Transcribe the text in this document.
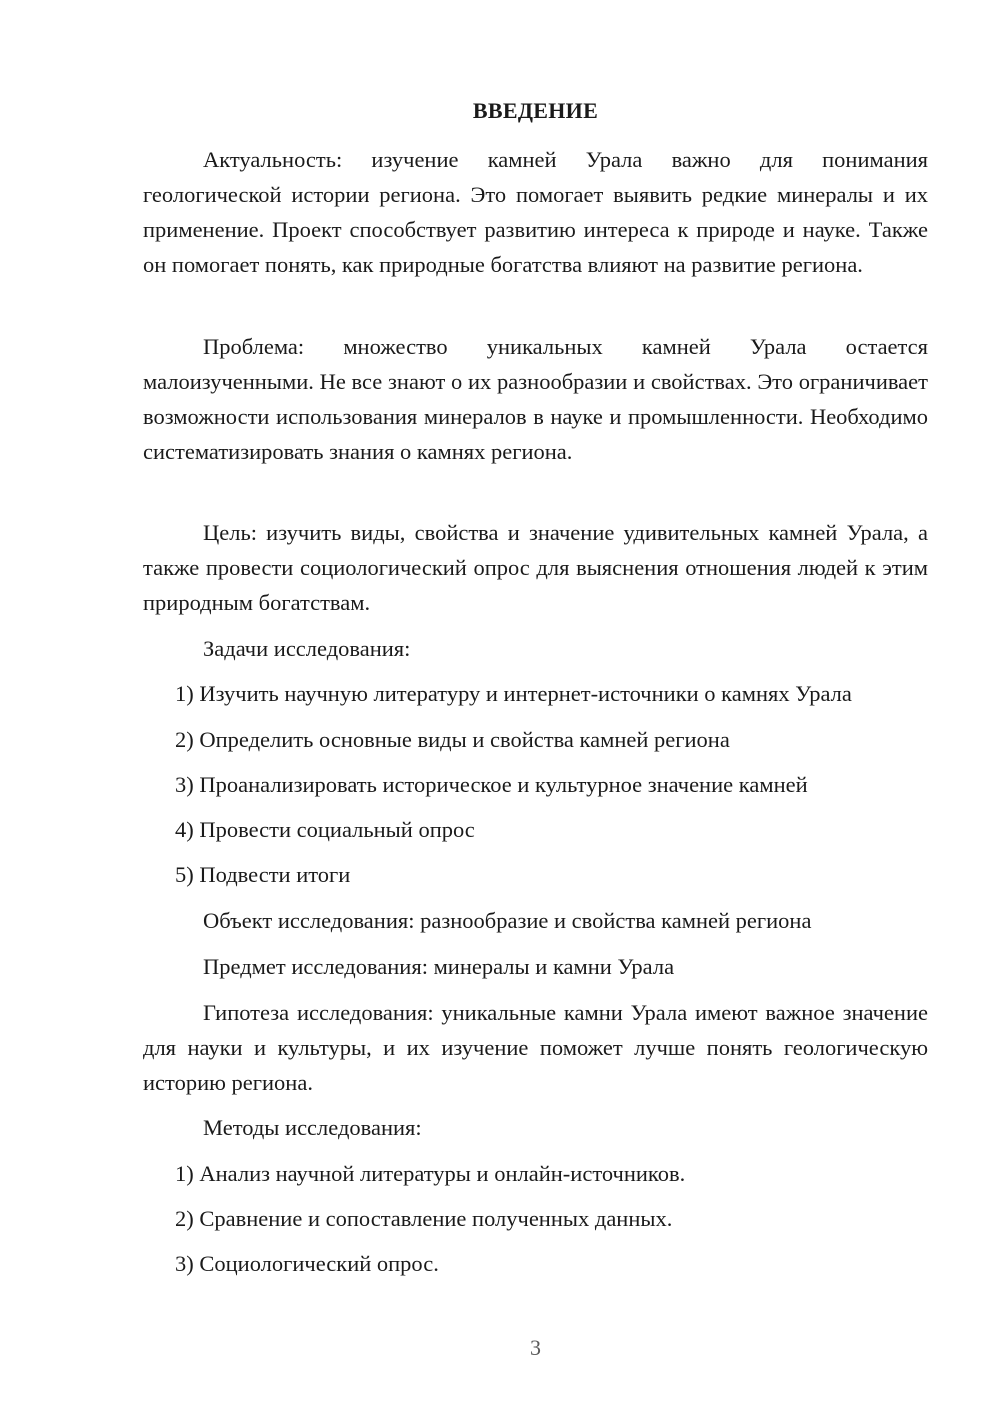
ВВЕДЕНИЕ
Актуальность: изучение камней Урала важно для понимания геологической истории региона. Это помогает выявить редкие минералы и их применение. Проект способствует развитию интереса к природе и науке. Также он помогает понять, как природные богатства влияют на развитие региона.
Проблема: множество уникальных камней Урала остается малоизученными. Не все знают о их разнообразии и свойствах. Это ограничивает возможности использования минералов в науке и промышленности. Необходимо систематизировать знания о камнях региона.
Цель: изучить виды, свойства и значение удивительных камней Урала, а также провести социологический опрос для выяснения отношения людей к этим природным богатствам.
Задачи исследования:
1) Изучить научную литературу и интернет-источники о камнях Урала
2) Определить основные виды и свойства камней региона
3) Проанализировать историческое и культурное значение камней
4) Провести социальный опрос
5) Подвести итоги
Объект исследования: разнообразие и свойства камней региона
Предмет исследования: минералы и камни Урала
Гипотеза исследования: уникальные камни Урала имеют важное значение для науки и культуры, и их изучение поможет лучше понять геологическую историю региона.
Методы исследования:
1) Анализ научной литературы и онлайн-источников.
2) Сравнение и сопоставление полученных данных.
3) Социологический опрос.
3
